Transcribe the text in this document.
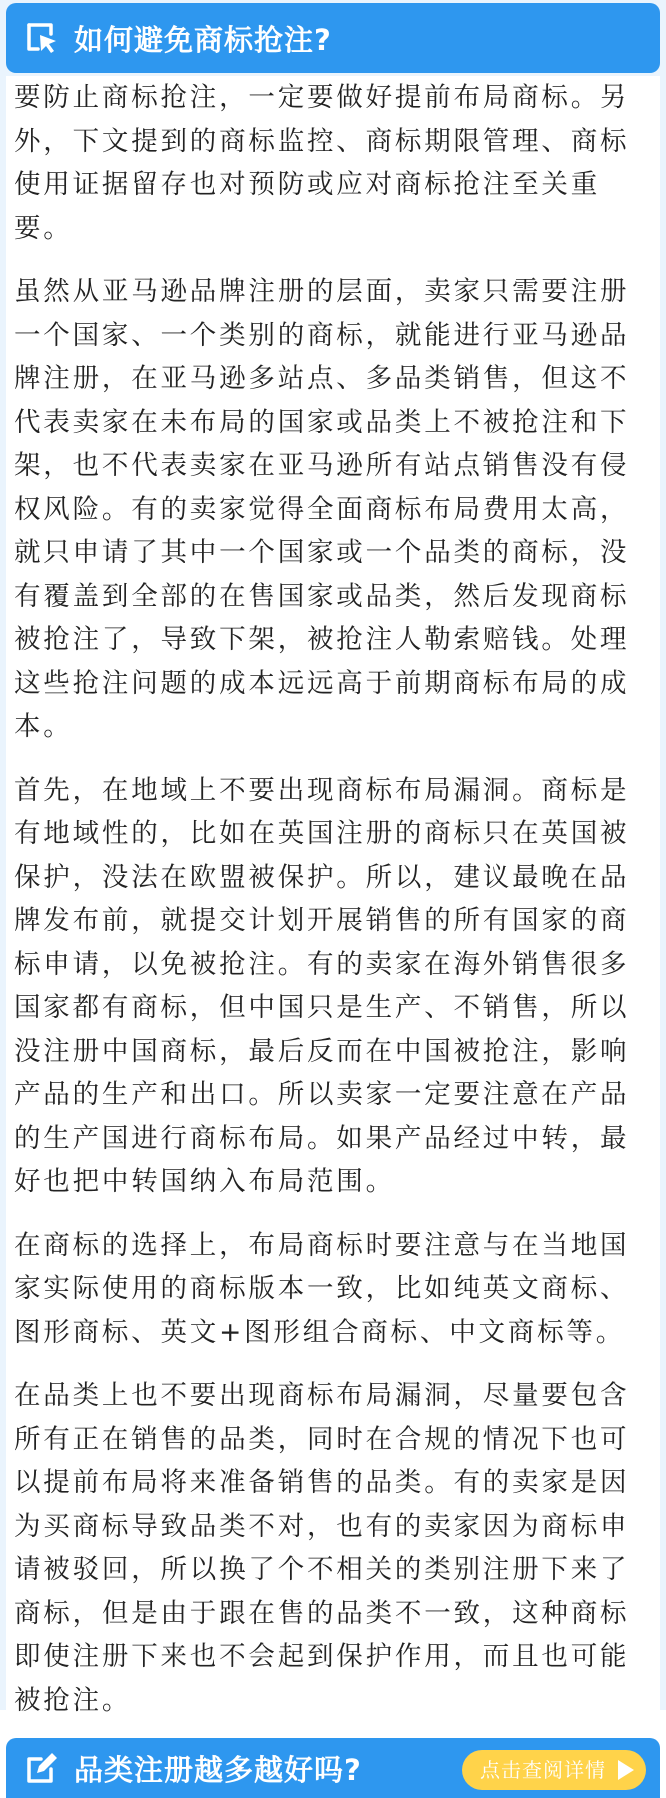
如何避免商标抢注?

要防止商标抢注，一定要做好提前布局商标。另外，下文提到的商标监控、商标期限管理、商标使用证据留存也对预防或应对商标抢注至关重要。

虽然从亚马逊品牌注册的层面，卖家只需要注册一个国家、一个类别的商标，就能进行亚马逊品牌注册，在亚马逊多站点、多品类销售，但这不代表卖家在未布局的国家或品类上不被抢注和下架，也不代表卖家在亚马逊所有站点销售没有侵权风险。有的卖家觉得全面商标布局费用太高，就只申请了其中一个国家或一个品类的商标，没有覆盖到全部的在售国家或品类，然后发现商标被抢注了，导致下架，被抢注人勒索赔钱。处理这些抢注问题的成本远远高于前期商标布局的成本。

首先，在地域上不要出现商标布局漏洞。商标是有地域性的，比如在英国注册的商标只在英国被保护，没法在欧盟被保护。所以，建议最晚在品牌发布前，就提交计划开展销售的所有国家的商标申请，以免被抢注。有的卖家在海外销售很多国家都有商标，但中国只是生产、不销售，所以没注册中国商标，最后反而在中国被抢注，影响产品的生产和出口。所以卖家一定要注意在产品的生产国进行商标布局。如果产品经过中转，最好也把中转国纳入布局范围。

在商标的选择上，布局商标时要注意与在当地国家实际使用的商标版本一致，比如纯英文商标、图形商标、英文+图形组合商标、中文商标等。

在品类上也不要出现商标布局漏洞，尽量要包含所有正在销售的品类，同时在合规的情况下也可以提前布局将来准备销售的品类。有的卖家是因为买商标导致品类不对，也有的卖家因为商标申请被驳回，所以换了个不相关的类别注册下来了商标，但是由于跟在售的品类不一致，这种商标即使注册下来也不会起到保护作用，而且也可能被抢注。

品类注册越多越好吗?	点击查阅详情
